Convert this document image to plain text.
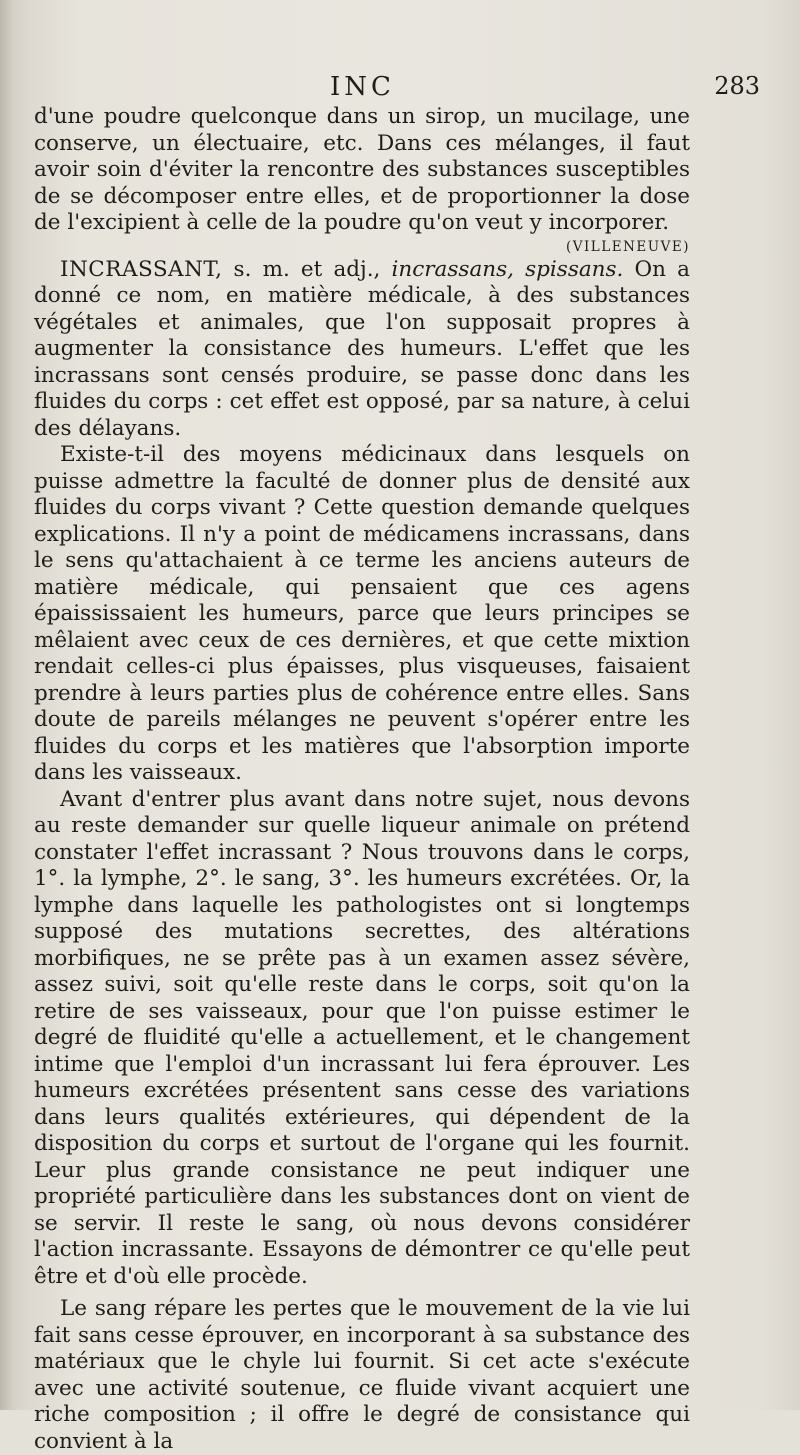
INC	283

d'une poudre quelconque dans un sirop, un mucilage, une conserve, un électuaire, etc. Dans ces mélanges, il faut avoir soin d'éviter la rencontre des substances susceptibles de se décomposer entre elles, et de proportionner la dose de l'excipient à celle de la poudre qu'on veut y incorporer.

(VILLENEUVE)

INCRASSANT, s. m. et adj., incrassans, spissans. On a donné ce nom, en matière médicale, à des substances végétales et animales, que l'on supposait propres à augmenter la consistance des humeurs. L'effet que les incrassans sont censés produire, se passe donc dans les fluides du corps : cet effet est opposé, par sa nature, à celui des délayans.

Existe-t-il des moyens médicinaux dans lesquels on puisse admettre la faculté de donner plus de densité aux fluides du corps vivant ? Cette question demande quelques explications. Il n'y a point de médicamens incrassans, dans le sens qu'attachaient à ce terme les anciens auteurs de matière médicale, qui pensaient que ces agens épaississaient les humeurs, parce que leurs principes se mêlaient avec ceux de ces dernières, et que cette mixtion rendait celles-ci plus épaisses, plus visqueuses, faisaient prendre à leurs parties plus de cohérence entre elles. Sans doute de pareils mélanges ne peuvent s'opérer entre les fluides du corps et les matières que l'absorption importe dans les vaisseaux.

Avant d'entrer plus avant dans notre sujet, nous devons au reste demander sur quelle liqueur animale on prétend constater l'effet incrassant ? Nous trouvons dans le corps, 1°. la lymphe, 2°. le sang, 3°. les humeurs excrétées. Or, la lymphe dans laquelle les pathologistes ont si longtemps supposé des mutations secrettes, des altérations morbifiques, ne se prête pas à un examen assez sévère, assez suivi, soit qu'elle reste dans le corps, soit qu'on la retire de ses vaisseaux, pour que l'on puisse estimer le degré de fluidité qu'elle a actuellement, et le changement intime que l'emploi d'un incrassant lui fera éprouver. Les humeurs excrétées présentent sans cesse des variations dans leurs qualités extérieures, qui dépendent de la disposition du corps et surtout de l'organe qui les fournit. Leur plus grande consistance ne peut indiquer une propriété particulière dans les substances dont on vient de se servir. Il reste le sang, où nous devons considérer l'action incrassante. Essayons de démontrer ce qu'elle peut être et d'où elle procède.

Le sang répare les pertes que le mouvement de la vie lui fait sans cesse éprouver, en incorporant à sa substance des matériaux que le chyle lui fournit. Si cet acte s'exécute avec une activité soutenue, ce fluide vivant acquiert une riche composition ; il offre le degré de consistance qui convient à la
